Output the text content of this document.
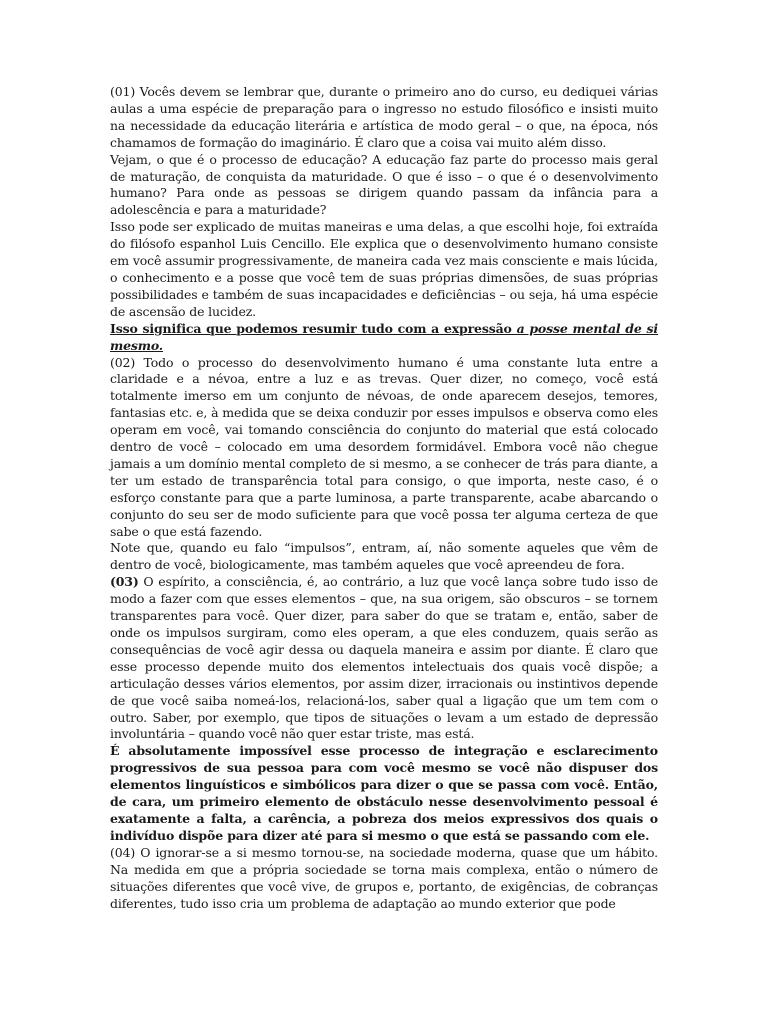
(01) Vocês devem se lembrar que, durante o primeiro ano do curso, eu dediquei várias aulas a uma espécie de preparação para o ingresso no estudo filosófico e insisti muito na necessidade da educação literária e artística de modo geral – o que, na época, nós chamamos de formação do imaginário. É claro que a coisa vai muito além disso.

Vejam, o que é o processo de educação? A educação faz parte do processo mais geral de maturação, de conquista da maturidade. O que é isso – o que é o desenvolvimento humano? Para onde as pessoas se dirigem quando passam da infância para a adolescência e para a maturidade?

Isso pode ser explicado de muitas maneiras e uma delas, a que escolhi hoje, foi extraída do filósofo espanhol Luis Cencillo. Ele explica que o desenvolvimento humano consiste em você assumir progressivamente, de maneira cada vez mais consciente e mais lúcida, o conhecimento e a posse que você tem de suas próprias dimensões, de suas próprias possibilidades e também de suas incapacidades e deficiências – ou seja, há uma espécie de ascensão de lucidez.

Isso significa que podemos resumir tudo com a expressão a posse mental de si mesmo.

(02) Todo o processo do desenvolvimento humano é uma constante luta entre a claridade e a névoa, entre a luz e as trevas. Quer dizer, no começo, você está totalmente imerso em um conjunto de névoas, de onde aparecem desejos, temores, fantasias etc. e, à medida que se deixa conduzir por esses impulsos e observa como eles operam em você, vai tomando consciência do conjunto do material que está colocado dentro de você – colocado em uma desordem formidável. Embora você não chegue jamais a um domínio mental completo de si mesmo, a se conhecer de trás para diante, a ter um estado de transparência total para consigo, o que importa, neste caso, é o esforço constante para que a parte luminosa, a parte transparente, acabe abarcando o conjunto do seu ser de modo suficiente para que você possa ter alguma certeza de que sabe o que está fazendo.

Note que, quando eu falo “impulsos”, entram, aí, não somente aqueles que vêm de dentro de você, biologicamente, mas também aqueles que você apreendeu de fora.

(03) O espírito, a consciência, é, ao contrário, a luz que você lança sobre tudo isso de modo a fazer com que esses elementos – que, na sua origem, são obscuros – se tornem transparentes para você. Quer dizer, para saber do que se tratam e, então, saber de onde os impulsos surgiram, como eles operam, a que eles conduzem, quais serão as consequências de você agir dessa ou daquela maneira e assim por diante. É claro que esse processo depende muito dos elementos intelectuais dos quais você dispõe; a articulação desses vários elementos, por assim dizer, irracionais ou instintivos depende de que você saiba nomeá-los, relacioná-los, saber qual a ligação que um tem com o outro. Saber, por exemplo, que tipos de situações o levam a um estado de depressão involuntária – quando você não quer estar triste, mas está.

É absolutamente impossível esse processo de integração e esclarecimento progressivos de sua pessoa para com você mesmo se você não dispuser dos elementos linguísticos e simbólicos para dizer o que se passa com você. Então, de cara, um primeiro elemento de obstáculo nesse desenvolvimento pessoal é exatamente a falta, a carência, a pobreza dos meios expressivos dos quais o indivíduo dispõe para dizer até para si mesmo o que está se passando com ele.

(04) O ignorar-se a si mesmo tornou-se, na sociedade moderna, quase que um hábito. Na medida em que a própria sociedade se torna mais complexa, então o número de situações diferentes que você vive, de grupos e, portanto, de exigências, de cobranças diferentes, tudo isso cria um problema de adaptação ao mundo exterior que pode
